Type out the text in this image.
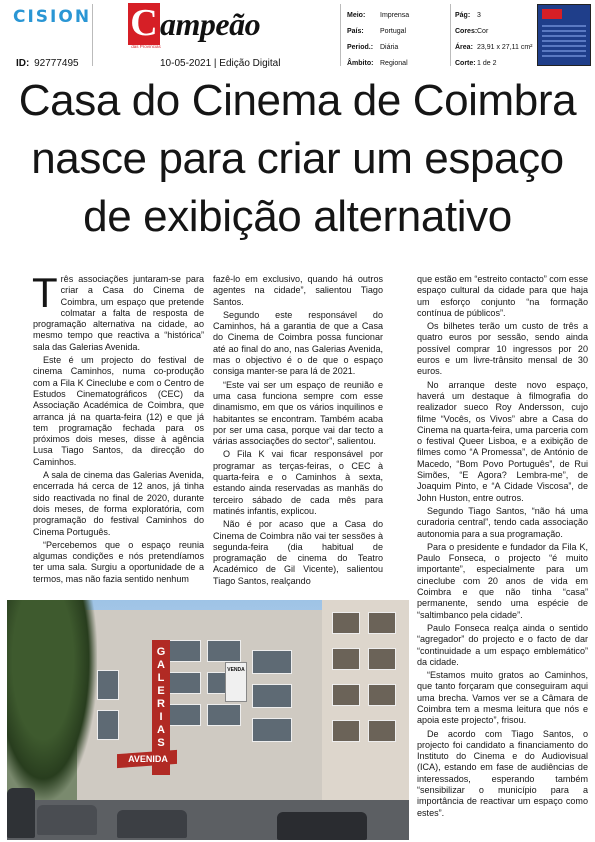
CISION
ID: 92777495
C ampeão
das Províncias
10-05-2021 | Edição Digital
Meio: Imprensa
País: Portugal
Period.: Diária
Âmbito: Regional
Pág: 3
Cores:Cor
Área: 23,91 x 27,11 cm²
Corte:1 de 2
Casa do Cinema de Coimbra
nasce para criar um espaço
de exibição alternativo

Três associações juntaram-se para criar a Casa do Cinema de Coimbra, um espaço que pretende colmatar a falta de resposta de programação alternativa na cidade, ao mesmo tempo que reactiva a “histórica” sala das Galerias Avenida.

Este é um projecto do festival de cinema Caminhos, numa co-produção com a Fila K Cineclube e com o Centro de Estudos Cinematográficos (CEC) da Associação Académica de Coimbra, que arranca já na quarta-feira (12) e que já tem programação fechada para os próximos dois meses, disse à agência Lusa Tiago Santos, da direcção do Caminhos.

A sala de cinema das Galerias Avenida, encerrada há cerca de 12 anos, já tinha sido reactivada no final de 2020, durante dois meses, de forma exploratória, com programação do festival Caminhos do Cinema Português.

“Percebemos que o espaço reunia algumas condições e nós pretendíamos ter uma sala. Surgiu a oportunidade de a termos, mas não fazia sentido nenhum

fazê-lo em exclusivo, quando há outros agentes na cidade”, salientou Tiago Santos.

Segundo este responsável do Caminhos, há a garantia de que a Casa do Cinema de Coimbra possa funcionar até ao final do ano, nas Galerias Avenida, mas o objectivo é o de que o espaço consiga manter-se para lá de 2021.

“Este vai ser um espaço de reunião e uma casa funciona sempre com esse dinamismo, em que os vários inquilinos e habitantes se encontram. Também acaba por ser uma casa, porque vai dar tecto a várias associações do sector”, salientou.

O Fila K vai ficar responsável por programar as terças-feiras, o CEC à quarta-feira e o Caminhos à sexta, estando ainda reservadas as manhãs do terceiro sábado de cada mês para matinés infantis, explicou.

Não é por acaso que a Casa do Cinema de Coimbra não vai ter sessões à segunda-feira (dia habitual de programação de cinema do Teatro Académico de Gil Vicente), salientou Tiago Santos, realçando

que estão em “estreito contacto” com esse espaço cultural da cidade para que haja um esforço conjunto “na formação contínua de públicos”.

Os bilhetes terão um custo de três a quatro euros por sessão, sendo ainda possível comprar 10 ingressos por 20 euros e um livre-trânsito mensal de 30 euros.

No arranque deste novo espaço, haverá um destaque à filmografia do realizador sueco Roy Andersson, cujo filme “Vocês, os Vivos” abre a Casa do Cinema na quarta-feira, uma parceria com o festival Queer Lisboa, e a exibição de filmes como “A Promessa”, de António de Macedo, “Bom Povo Português”, de Rui Simões, “E Agora? Lembra-me”, de Joaquim Pinto, e “A Cidade Viscosa”, de John Huston, entre outros.

Segundo Tiago Santos, “não há uma curadoria central”, tendo cada associação autonomia para a sua programação.

Para o presidente e fundador da Fila K, Paulo Fonseca, o projecto “é muito importante”, especialmente para um cineclube com 20 anos de vida em Coimbra e que não tinha “casa” permanente, sendo uma espécie de “saltimbanco pela cidade”.

Paulo Fonseca realça ainda o sentido “agregador” do projecto e o facto de dar “continuidade a um espaço emblemático” da cidade.

“Estamos muito gratos ao Caminhos, que tanto forçaram que conseguiram aqui uma brecha. Vamos ver se a Câmara de Coimbra tem a mesma leitura que nós e apoia este projecto”, frisou.

De acordo com Tiago Santos, o projecto foi candidato a financiamento do Instituto do Cinema e do Audiovisual (ICA), estando em fase de audiências de interessados, esperando também “sensibilizar o município para a importância de reactivar um espaço como estes”.

G
A
L
E
R
I
A
S
AVENIDA
VENDA
